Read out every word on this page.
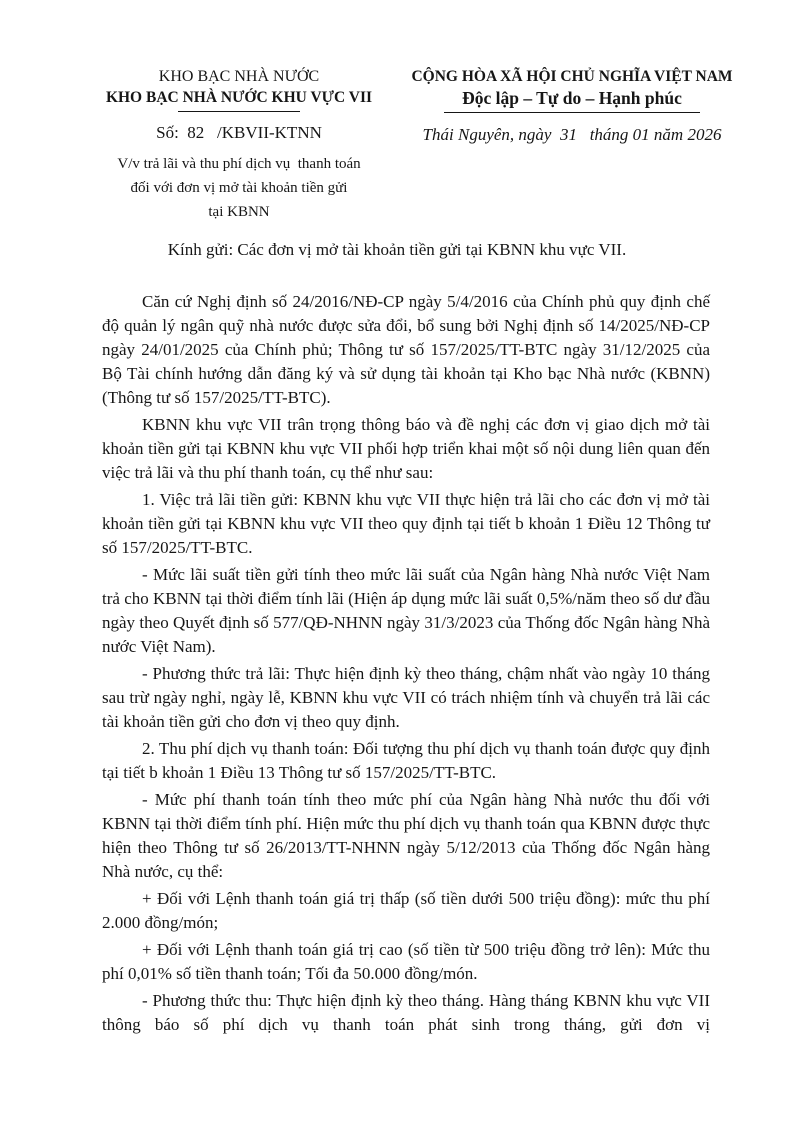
KHO BẠC NHÀ NƯỚC
KHO BẠC NHÀ NƯỚC KHU VỰC VII
Số:  82   /KBVII-KTNN
V/v trả lãi và thu phí dịch vụ  thanh toán
đối với đơn vị mở tài khoản tiền gửi
tại KBNN
CỘNG HÒA XÃ HỘI CHỦ NGHĨA VIỆT NAM
Độc lập – Tự do – Hạnh phúc
Thái Nguyên, ngày  31   tháng 01 năm 2026
Kính gửi: Các đơn vị mở tài khoản tiền gửi tại KBNN khu vực VII.

Căn cứ Nghị định số 24/2016/NĐ-CP ngày 5/4/2016 của Chính phủ quy định chế độ quản lý ngân quỹ nhà nước được sửa đổi, bổ sung bởi Nghị định số 14/2025/NĐ-CP ngày 24/01/2025 của Chính phủ; Thông tư số 157/2025/TT-BTC ngày 31/12/2025 của Bộ Tài chính hướng dẫn đăng ký và sử dụng tài khoản tại Kho bạc Nhà nước (KBNN) (Thông tư số 157/2025/TT-BTC).

KBNN khu vực VII trân trọng thông báo và đề nghị các đơn vị giao dịch mở tài khoản tiền gửi tại KBNN khu vực VII phối hợp triển khai một số nội dung liên quan đến việc trả lãi và thu phí thanh toán, cụ thể như sau:

1. Việc trả lãi tiền gửi: KBNN khu vực VII thực hiện trả lãi cho các đơn vị mở tài khoản tiền gửi tại KBNN khu vực VII theo quy định tại tiết b khoản 1 Điều 12 Thông tư số 157/2025/TT-BTC.

- Mức lãi suất tiền gửi tính theo mức lãi suất của Ngân hàng Nhà nước Việt Nam trả cho KBNN tại thời điểm tính lãi (Hiện áp dụng mức lãi suất 0,5%/năm theo số dư đầu ngày theo Quyết định số 577/QĐ-NHNN ngày 31/3/2023 của Thống đốc Ngân hàng Nhà nước Việt Nam).

- Phương thức trả lãi: Thực hiện định kỳ theo tháng, chậm nhất vào ngày 10 tháng sau trừ ngày nghỉ, ngày lễ, KBNN khu vực VII có trách nhiệm tính và chuyển trả lãi các tài khoản tiền gửi cho đơn vị theo quy định.

2. Thu phí dịch vụ thanh toán: Đối tượng thu phí dịch vụ thanh toán được quy định tại tiết b khoản 1 Điều 13 Thông tư số 157/2025/TT-BTC.

- Mức phí thanh toán tính theo mức phí của Ngân hàng Nhà nước thu đối với KBNN tại thời điểm tính phí. Hiện mức thu phí dịch vụ thanh toán qua KBNN được thực hiện theo Thông tư số 26/2013/TT-NHNN ngày 5/12/2013 của Thống đốc Ngân hàng Nhà nước, cụ thể:

+ Đối với Lệnh thanh toán giá trị thấp (số tiền dưới 500 triệu đồng): mức thu phí 2.000 đồng/món;

+ Đối với Lệnh thanh toán giá trị cao (số tiền từ 500 triệu đồng trở lên): Mức thu phí 0,01% số tiền thanh toán; Tối đa 50.000 đồng/món.

- Phương thức thu: Thực hiện định kỳ theo tháng. Hàng tháng KBNN khu vực VII thông báo số phí dịch vụ thanh toán phát sinh trong tháng, gửi đơn vị
